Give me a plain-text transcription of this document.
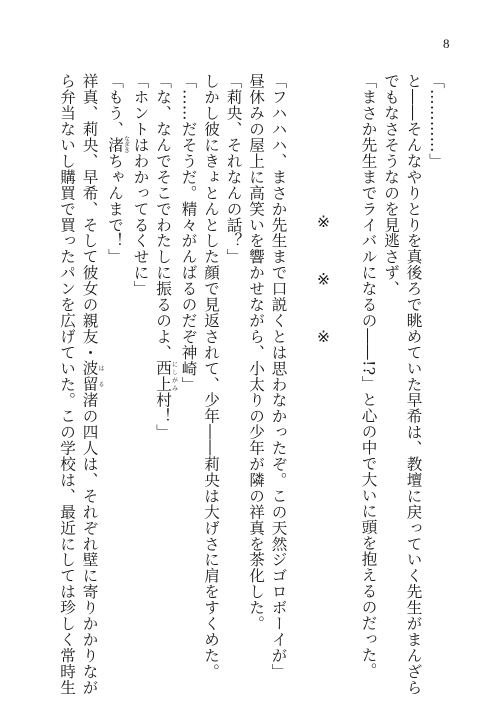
8
「…………」
と――そんなやりとりを真後ろで眺めていた早希は、教壇に戻っていく先生がまんざら
でもなさそうなのを見逃さず、
「まさか先生までライバルになるの――!?」と心の中で大いに頭を抱えるのだった。

※　※　※

「フハハハ、まさか先生まで口説くとは思わなかったぞ。この天然ジゴロボーイが」
昼休みの屋上に高笑いを響かせながら、小太りの少年が隣の祥真を茶化した。
「莉央、それなんの話？」
しかし彼にきょとんとした顔で見返されて、少年――莉央は大げさに肩をすくめた。
「……だそうだ。精々がんばるのだぞ神崎」
「な、なんでそこでわたしに振るのよ、西上にしがみ村！」
「ホントはわかってるくせに」
「もう、渚なぎさちゃんまで！」
祥真、莉央、早希、そして彼女の親友・波留はる渚の四人は、それぞれ壁に寄りかかりなが
ら弁当ないし購買で買ったパンを広げていた。この学校は、最近にしては珍しく常時生
